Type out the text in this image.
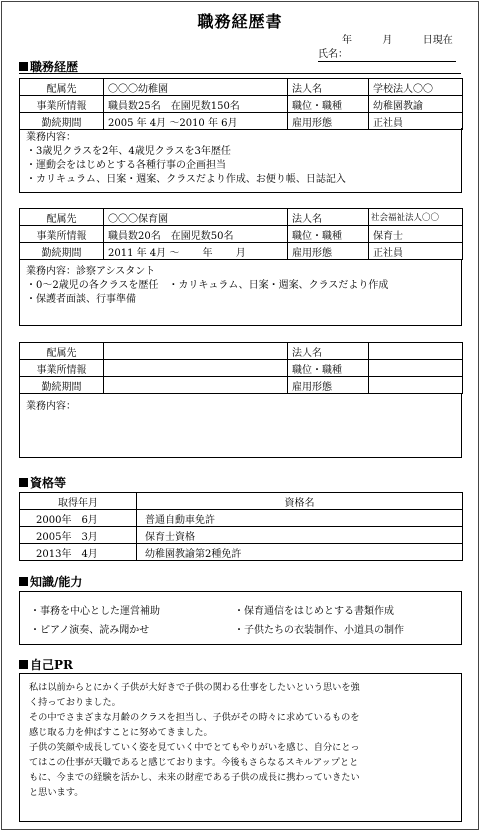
職務経歴書
年	月	日現在
氏名：
職務経歴
配属先	〇〇〇幼稚園	法人名	学校法人〇〇
事業所情報	職員数25名　在園児数150名	職位・職種	幼稚園教諭
勤続期間	2005 年 4月 〜2010 年 6月	雇用形態	正社員
業務内容：
・3歳児クラスを2年、4歳児クラスを3年歴任
・運動会をはじめとする各種行事の企画担当
・カリキュラム、日案・週案、クラスだより作成、お便り帳、日誌記入
配属先	〇〇〇保育園	法人名	社会福祉法人〇〇
事業所情報	職員数20名　在園児数50名	職位・職種	保育士
勤続期間	2011 年 4月 〜　　 年　　 月	雇用形態	正社員
業務内容：診察アシスタント
・0〜2歳児の各クラスを歴任　・カリキュラム、日案・週案、クラスだより作成
・保護者面談、行事準備
配属先		法人名	
事業所情報		職位・職種	
勤続期間		雇用形態	
業務内容：
資格等
取得年月	資格名
2000年　6月	普通自動車免許
2005年　3月	保育士資格
2013年　4月	幼稚園教諭第2種免許
知識/能力
・事務を中心とした運営補助	・保育通信をはじめとする書類作成
・ピアノ演奏、読み聞かせ	・子供たちの衣装制作、小道具の制作
自己PR
私は以前からとにかく子供が大好きで子供の関わる仕事をしたいという思いを強
く持っておりました。
その中でさまざまな月齢のクラスを担当し、子供がその時々に求めているものを
感じ取る力を伸ばすことに努めてきました。
子供の笑顔や成長していく姿を見ていく中でとてもやりがいを感じ、自分にとっ
てはこの仕事が天職であると感じております。今後もさらなるスキルアップとと
もに、今までの経験を活かし、未来の財産である子供の成長に携わっていきたい
と思います。
